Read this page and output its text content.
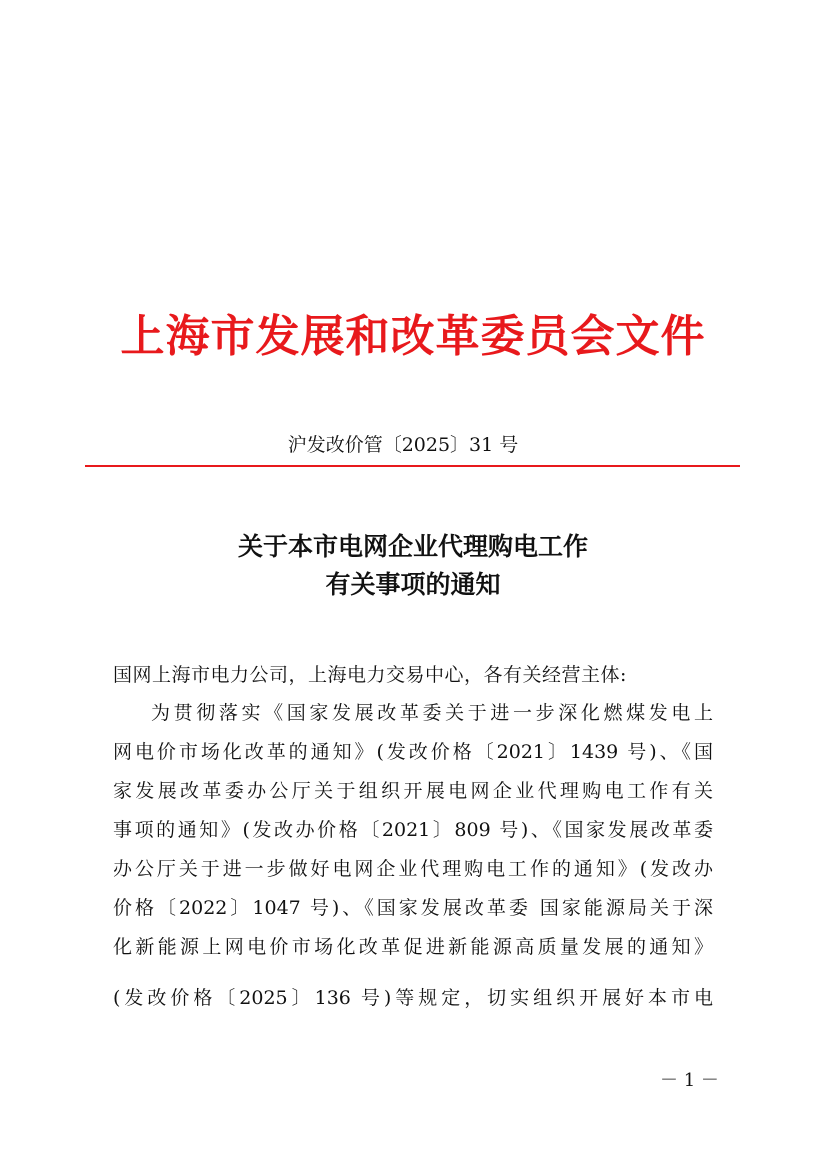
上海市发展和改革委员会文件
沪发改价管〔2025〕31 号
关于本市电网企业代理购电工作
有关事项的通知
国网上海市电力公司，上海电力交易中心，各有关经营主体:
为贯彻落实《国家发展改革委关于进一步深化燃煤发电上
网电价市场化改革的通知》(发改价格〔2021〕1439 号)、《国
家发展改革委办公厅关于组织开展电网企业代理购电工作有关
事项的通知》(发改办价格〔2021〕809 号)、《国家发展改革委
办公厅关于进一步做好电网企业代理购电工作的通知》(发改办
价格〔2022〕1047 号)、《国家发展改革委 国家能源局关于深
化新能源上网电价市场化改革促进新能源高质量发展的通知》
(发改价格〔2025〕136 号)等规定，切实组织开展好本市电
－ 1 －
